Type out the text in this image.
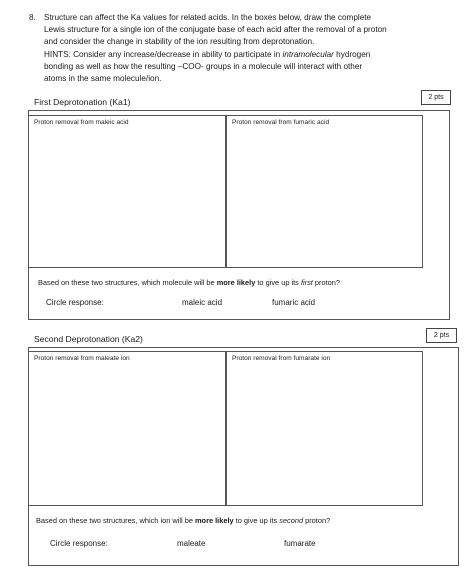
8. Structure can affect the Ka values for related acids. In the boxes below, draw the complete

Lewis structure for a single ion of the conjugate base of each acid after the removal of a proton

and consider the change in stability of the ion resulting from deprotonation.

HINTS: Consider any increase/decrease in ability to participate in intramolecular hydrogen

bonding as well as how the resulting –COO- groups in a molecule will interact with other

atoms in the same molecule/ion.

First Deprotonation (Ka1)	2 pts
Proton removal from maleic acid	Proton removal from fumaric acid
Based on these two structures, which molecule will be more likely to give up its first proton?
Circle response:	maleic acid	fumaric acid
Second Deprotonation (Ka2)	2 pts
Proton removal from maleate ion	Proton removal from fumarate ion
Based on these two structures, which ion will be more likely to give up its second proton?
Circle response:	maleate	fumarate
